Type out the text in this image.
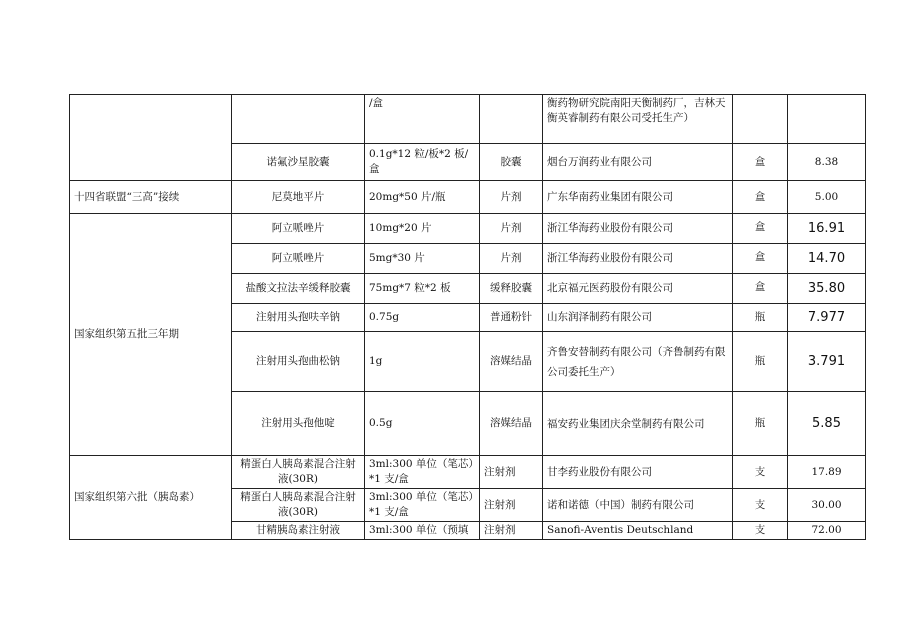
		/盒		衡药物研究院南阳天衡制药厂，吉林天衡英睿制药有限公司受托生产）		
	诺氟沙星胶囊	0.1g*12 粒/板*2 板/盒	胶囊	烟台万润药业有限公司	盒	8.38
十四省联盟“三高”接续	尼莫地平片	20mg*50 片/瓶	片剂	广东华南药业集团有限公司	盒	5.00
国家组织第五批三年期	阿立哌唑片	10mg*20 片	片剂	浙江华海药业股份有限公司	盒	16.91
	阿立哌唑片	5mg*30 片	片剂	浙江华海药业股份有限公司	盒	14.70
	盐酸文拉法辛缓释胶囊	75mg*7 粒*2 板	缓释胶囊	北京福元医药股份有限公司	盒	35.80
	注射用头孢呋辛钠	0.75g	普通粉针	山东润泽制药有限公司	瓶	7.977
	注射用头孢曲松钠	1g	溶媒结晶	齐鲁安替制药有限公司（齐鲁制药有限公司委托生产）	瓶	3.791
	注射用头孢他啶	0.5g	溶媒结晶	福安药业集团庆余堂制药有限公司	瓶	5.85
国家组织第六批（胰岛素）	精蛋白人胰岛素混合注射液(30R)	3ml:300 单位（笔芯）*1 支/盒	注射剂	甘李药业股份有限公司	支	17.89
	精蛋白人胰岛素混合注射液(30R)	3ml:300 单位（笔芯）*1 支/盒	注射剂	诺和诺德（中国）制药有限公司	支	30.00
	甘精胰岛素注射液	3ml:300 单位（预填	注射剂	Sanofi-Aventis Deutschland	支	72.00
